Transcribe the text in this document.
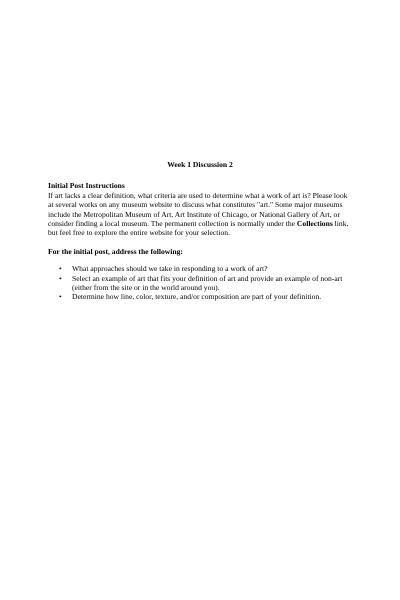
Week 1 Discussion 2

Initial Post Instructions

If art lacks a clear definition, what criteria are used to determine what a work of art is? Please look at several works on any museum website to discuss what constitutes "art." Some major museums include the Metropolitan Museum of Art, Art Institute of Chicago, or National Gallery of Art, or consider finding a local museum. The permanent collection is normally under the Collections link, but feel free to explore the entire website for your selection.

For the initial post, address the following:

• What approaches should we take in responding to a work of art?
• Select an example of art that fits your definition of art and provide an example of non-art (either from the site or in the world around you).
• Determine how line, color, texture, and/or composition are part of your definition.
